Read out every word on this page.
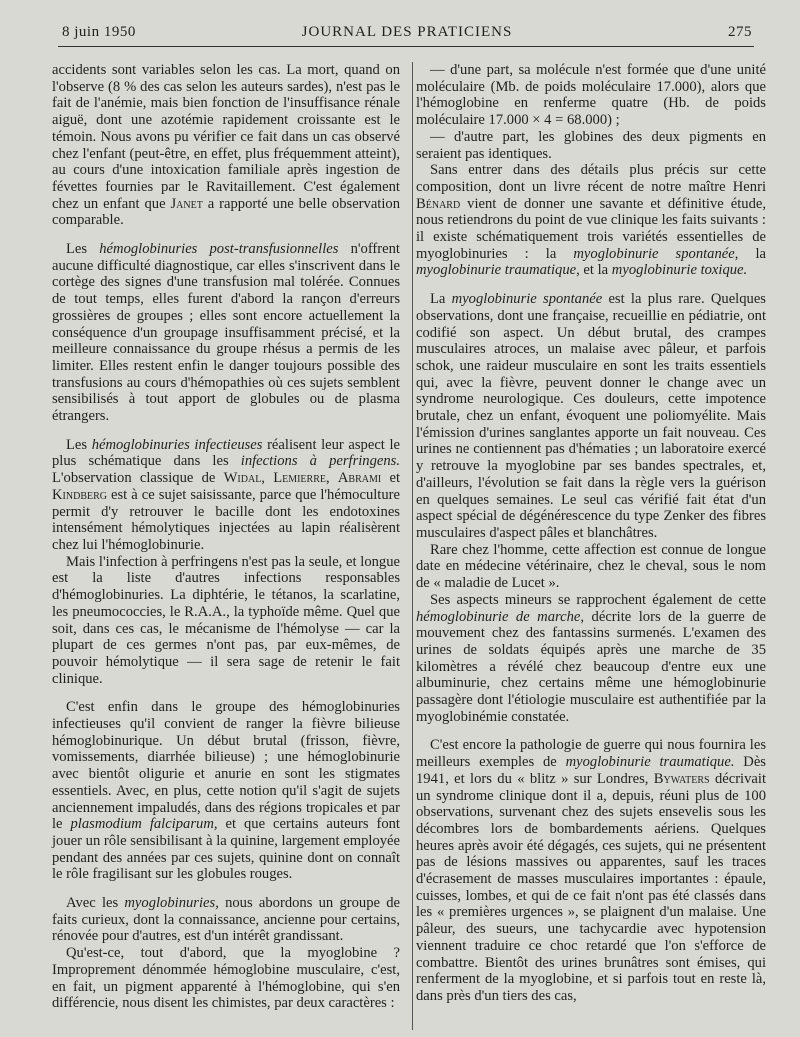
8 juin 1950	JOURNAL DES PRATICIENS	275

accidents sont variables selon les cas. La mort, quand on l'observe (8 % des cas selon les auteurs sardes), n'est pas le fait de l'anémie, mais bien fonction de l'insuffisance rénale aiguë, dont une azotémie rapidement croissante est le témoin. Nous avons pu vérifier ce fait dans un cas observé chez l'enfant (peut-être, en effet, plus fréquemment atteint), au cours d'une intoxication familiale après ingestion de févettes fournies par le Ravitaillement. C'est également chez un enfant que Janet a rapporté une belle observation comparable.

Les hémoglobinuries post-transfusionnelles n'offrent aucune difficulté diagnostique, car elles s'inscrivent dans le cortège des signes d'une transfusion mal tolérée. Connues de tout temps, elles furent d'abord la rançon d'erreurs grossières de groupes ; elles sont encore actuellement la conséquence d'un groupage insuffisamment précisé, et la meilleure connaissance du groupe rhésus a permis de les limiter. Elles restent enfin le danger toujours possible des transfusions au cours d'hémopathies où ces sujets semblent sensibilisés à tout apport de globules ou de plasma étrangers.

Les hémoglobinuries infectieuses réalisent leur aspect le plus schématique dans les infections à perfringens. L'observation classique de Widal, Lemierre, Abrami et Kindberg est à ce sujet saisissante, parce que l'hémoculture permit d'y retrouver le bacille dont les endotoxines intensément hémolytiques injectées au lapin réalisèrent chez lui l'hémoglobinurie.

Mais l'infection à perfringens n'est pas la seule, et longue est la liste d'autres infections responsables d'hémoglobinuries. La diphtérie, le tétanos, la scarlatine, les pneumococcies, le R.A.A., la typhoïde même. Quel que soit, dans ces cas, le mécanisme de l'hémolyse — car la plupart de ces germes n'ont pas, par eux-mêmes, de pouvoir hémolytique — il sera sage de retenir le fait clinique.

C'est enfin dans le groupe des hémoglobinuries infectieuses qu'il convient de ranger la fièvre bilieuse hémoglobinurique. Un début brutal (frisson, fièvre, vomissements, diarrhée bilieuse) ; une hémoglobinurie avec bientôt oligurie et anurie en sont les stigmates essentiels. Avec, en plus, cette notion qu'il s'agit de sujets anciennement impaludés, dans des régions tropicales et par le plasmodium falciparum, et que certains auteurs font jouer un rôle sensibilisant à la quinine, largement employée pendant des années par ces sujets, quinine dont on connaît le rôle fragilisant sur les globules rouges.

Avec les myoglobinuries, nous abordons un groupe de faits curieux, dont la connaissance, ancienne pour certains, rénovée pour d'autres, est d'un intérêt grandissant.

Qu'est-ce, tout d'abord, que la myoglobine ? Improprement dénommée hémoglobine musculaire, c'est, en fait, un pigment apparenté à l'hémoglobine, qui s'en différencie, nous disent les chimistes, par deux caractères :

— d'une part, sa molécule n'est formée que d'une unité moléculaire (Mb. de poids moléculaire 17.000), alors que l'hémoglobine en renferme quatre (Hb. de poids moléculaire 17.000 × 4 = 68.000) ;

— d'autre part, les globines des deux pigments en seraient pas identiques.

Sans entrer dans des détails plus précis sur cette composition, dont un livre récent de notre maître Henri Bénard vient de donner une savante et définitive étude, nous retiendrons du point de vue clinique les faits suivants : il existe schématiquement trois variétés essentielles de myoglobinuries : la myoglobinurie spontanée, la myoglobinurie traumatique, et la myoglobinurie toxique.

La myoglobinurie spontanée est la plus rare. Quelques observations, dont une française, recueillie en pédiatrie, ont codifié son aspect. Un début brutal, des crampes musculaires atroces, un malaise avec pâleur, et parfois schok, une raideur musculaire en sont les traits essentiels qui, avec la fièvre, peuvent donner le change avec un syndrome neurologique. Ces douleurs, cette impotence brutale, chez un enfant, évoquent une poliomyélite. Mais l'émission d'urines sanglantes apporte un fait nouveau. Ces urines ne contiennent pas d'hématies ; un laboratoire exercé y retrouve la myoglobine par ses bandes spectrales, et, d'ailleurs, l'évolution se fait dans la règle vers la guérison en quelques semaines. Le seul cas vérifié fait état d'un aspect spécial de dégénérescence du type Zenker des fibres musculaires d'aspect pâles et blanchâtres.

Rare chez l'homme, cette affection est connue de longue date en médecine vétérinaire, chez le cheval, sous le nom de « maladie de Lucet ».

Ses aspects mineurs se rapprochent également de cette hémoglobinurie de marche, décrite lors de la guerre de mouvement chez des fantassins surmenés. L'examen des urines de soldats équipés après une marche de 35 kilomètres a révélé chez beaucoup d'entre eux une albuminurie, chez certains même une hémoglobinurie passagère dont l'étiologie musculaire est authentifiée par la myoglobinémie constatée.

C'est encore la pathologie de guerre qui nous fournira les meilleurs exemples de myoglobinurie traumatique. Dès 1941, et lors du « blitz » sur Londres, Bywaters décrivait un syndrome clinique dont il a, depuis, réuni plus de 100 observations, survenant chez des sujets ensevelis sous les décombres lors de bombardements aériens. Quelques heures après avoir été dégagés, ces sujets, qui ne présentent pas de lésions massives ou apparentes, sauf les traces d'écrasement de masses musculaires importantes : épaule, cuisses, lombes, et qui de ce fait n'ont pas été classés dans les « premières urgences », se plaignent d'un malaise. Une pâleur, des sueurs, une tachycardie avec hypotension viennent traduire ce choc retardé que l'on s'efforce de combattre. Bientôt des urines brunâtres sont émises, qui renferment de la myoglobine, et si parfois tout en reste là, dans près d'un tiers des cas,
